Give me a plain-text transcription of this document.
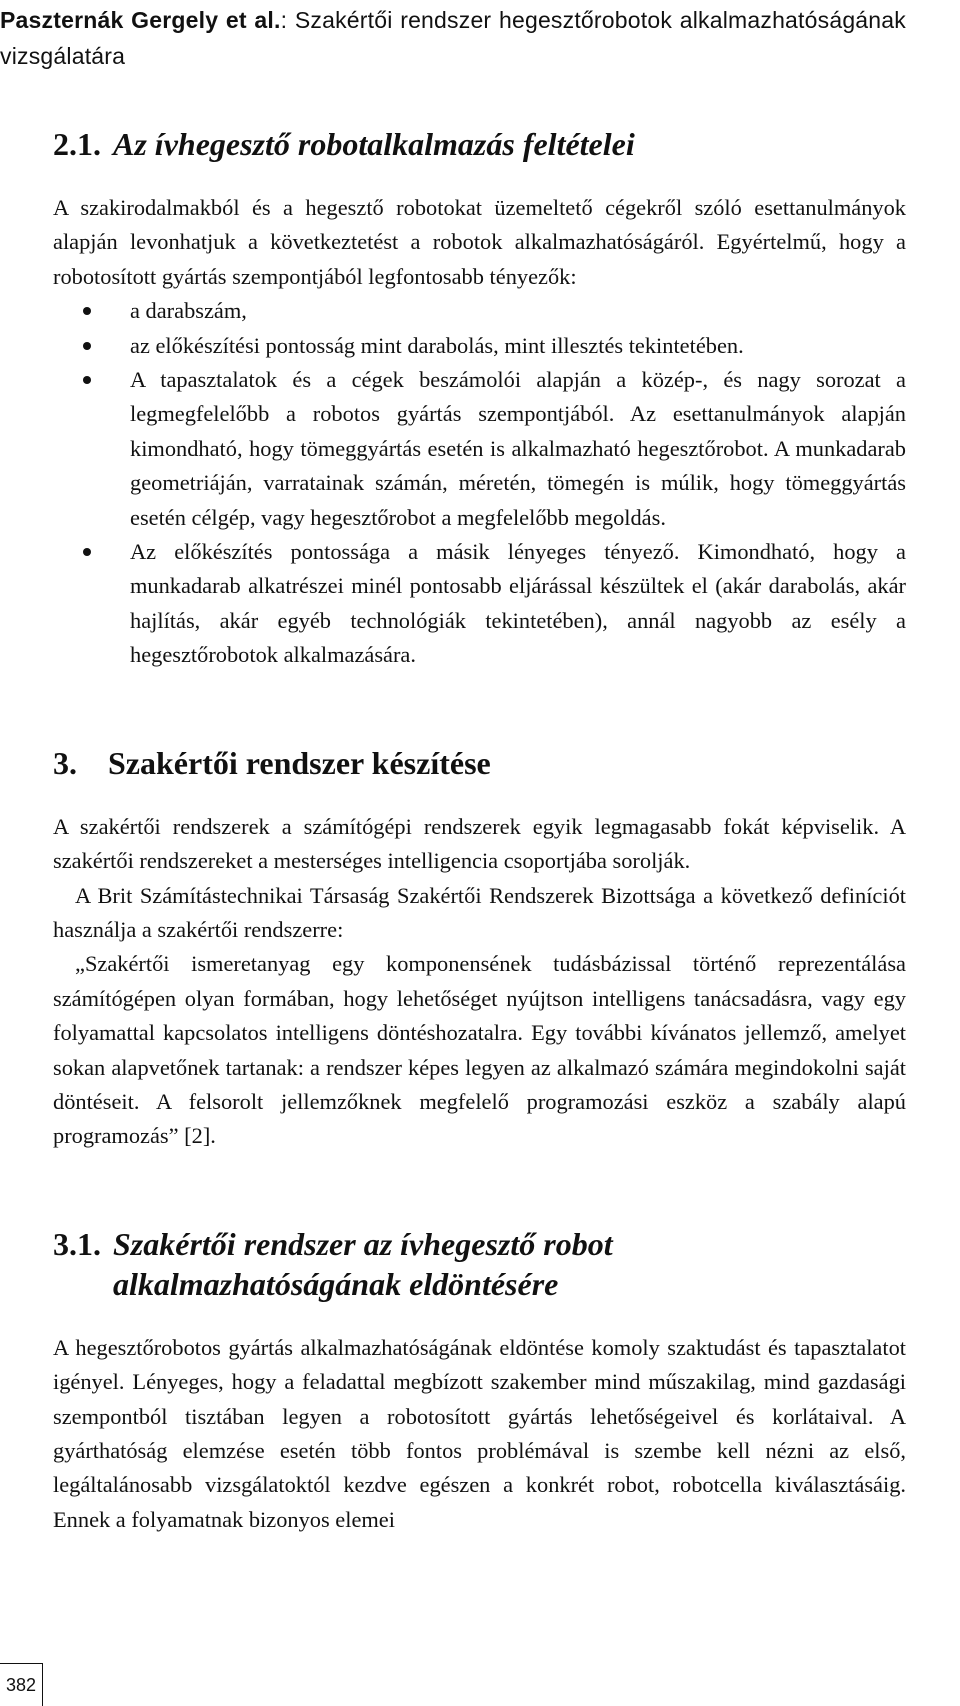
Paszternák Gergely et al.: Szakértői rendszer hegesztőrobotok alkalmazhatóságának vizsgálatára
2.1. Az ívhegesztő robotalkalmazás feltételei

A szakirodalmakból és a hegesztő robotokat üzemeltető cégekről szóló esettanulmányok alapján levonhatjuk a következtetést a robotok alkalmazhatóságáról. Egyértelmű, hogy a robotosított gyártás szempontjából legfontosabb tényezők:

a darabszám,
az előkészítési pontosság mint darabolás, mint illesztés tekintetében.
A tapasztalatok és a cégek beszámolói alapján a közép-, és nagy sorozat a legmegfelelőbb a robotos gyártás szempontjából. Az esettanulmányok alapján kimondható, hogy tömeggyártás esetén is alkalmazható hegesztőrobot. A munkadarab geometriáján, varratainak számán, méretén, tömegén is múlik, hogy tömeggyártás esetén célgép, vagy hegesztőrobot a megfelelőbb megoldás.
Az előkészítés pontossága a másik lényeges tényező. Kimondható, hogy a munkadarab alkatrészei minél pontosabb eljárással készültek el (akár darabolás, akár hajlítás, akár egyéb technológiák tekintetében), annál nagyobb az esély a hegesztőrobotok alkalmazására.
3. Szakértői rendszer készítése

A szakértői rendszerek a számítógépi rendszerek egyik legmagasabb fokát képviselik. A szakértői rendszereket a mesterséges intelligencia csoportjába sorolják.

A Brit Számítástechnikai Társaság Szakértői Rendszerek Bizottsága a következő definíciót használja a szakértői rendszerre:

„Szakértői ismeretanyag egy komponensének tudásbázissal történő reprezentálása számítógépen olyan formában, hogy lehetőséget nyújtson intelligens tanácsadásra, vagy egy folyamattal kapcsolatos intelligens döntéshozatalra. Egy további kívánatos jellemző, amelyet sokan alapvetőnek tartanak: a rendszer képes legyen az alkalmazó számára megindokolni saját döntéseit. A felsorolt jellemzőknek megfelelő programozási eszköz a szabály alapú programozás” [2].

3.1. Szakértői rendszer az ívhegesztő robot alkalmazhatóságának eldöntésére

A hegesztőrobotos gyártás alkalmazhatóságának eldöntése komoly szaktudást és tapasztalatot igényel. Lényeges, hogy a feladattal megbízott szakember mind műszakilag, mind gazdasági szempontból tisztában legyen a robotosított gyártás lehetőségeivel és korlátaival. A gyárthatóság elemzése esetén több fontos problémával is szembe kell nézni az első, legáltalánosabb vizsgálatoktól kezdve egészen a konkrét robot, robotcella kiválasztásáig. Ennek a folyamatnak bizonyos elemei

382
